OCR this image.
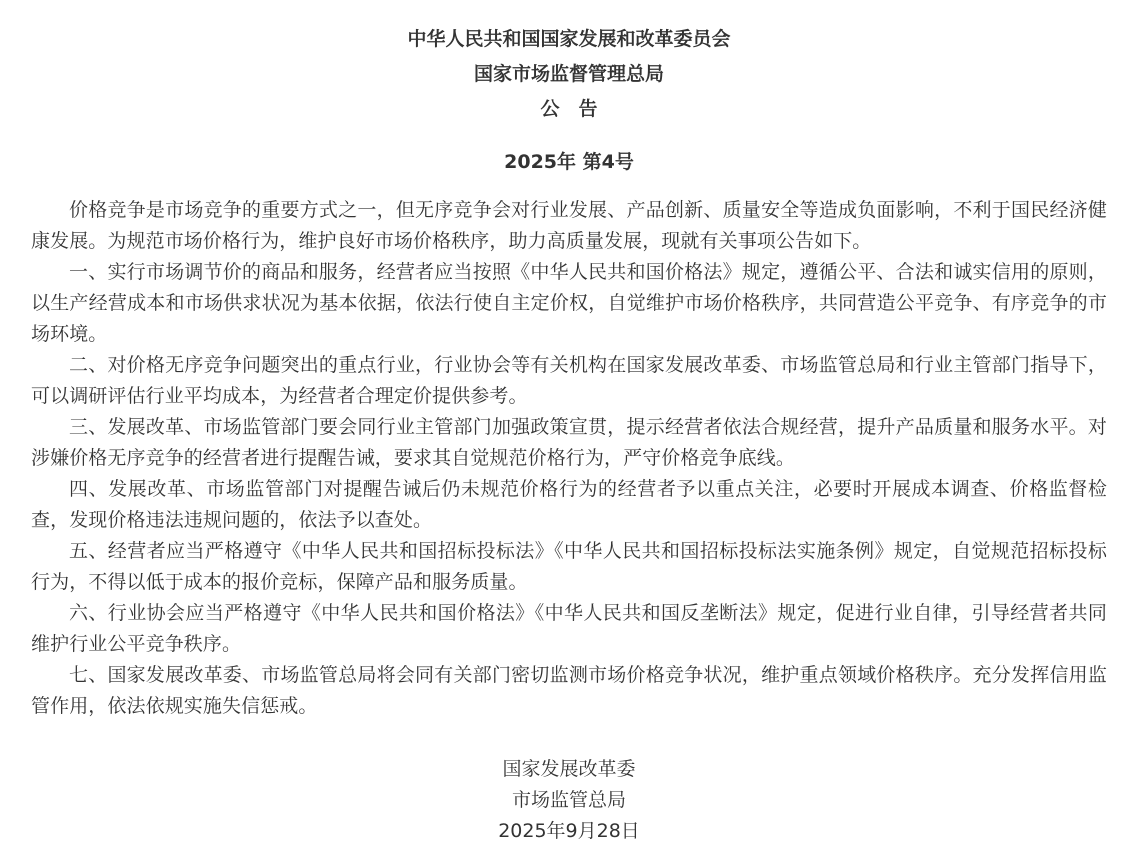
中华人民共和国国家发展和改革委员会
国家市场监督管理总局
公　告
2025年 第4号

价格竞争是市场竞争的重要方式之一，但无序竞争会对行业发展、产品创新、质量安全等造成负面影响，不利于国民经济健康发展。为规范市场价格行为，维护良好市场价格秩序，助力高质量发展，现就有关事项公告如下。

一、实行市场调节价的商品和服务，经营者应当按照《中华人民共和国价格法》规定，遵循公平、合法和诚实信用的原则，以生产经营成本和市场供求状况为基本依据，依法行使自主定价权，自觉维护市场价格秩序，共同营造公平竞争、有序竞争的市场环境。

二、对价格无序竞争问题突出的重点行业，行业协会等有关机构在国家发展改革委、市场监管总局和行业主管部门指导下，可以调研评估行业平均成本，为经营者合理定价提供参考。

三、发展改革、市场监管部门要会同行业主管部门加强政策宣贯，提示经营者依法合规经营，提升产品质量和服务水平。对涉嫌价格无序竞争的经营者进行提醒告诫，要求其自觉规范价格行为，严守价格竞争底线。

四、发展改革、市场监管部门对提醒告诫后仍未规范价格行为的经营者予以重点关注，必要时开展成本调查、价格监督检查，发现价格违法违规问题的，依法予以查处。

五、经营者应当严格遵守《中华人民共和国招标投标法》《中华人民共和国招标投标法实施条例》规定，自觉规范招标投标行为，不得以低于成本的报价竞标，保障产品和服务质量。

六、行业协会应当严格遵守《中华人民共和国价格法》《中华人民共和国反垄断法》规定，促进行业自律，引导经营者共同维护行业公平竞争秩序。

七、国家发展改革委、市场监管总局将会同有关部门密切监测市场价格竞争状况，维护重点领域价格秩序。充分发挥信用监管作用，依法依规实施失信惩戒。

国家发展改革委
市场监管总局
2025年9月28日
